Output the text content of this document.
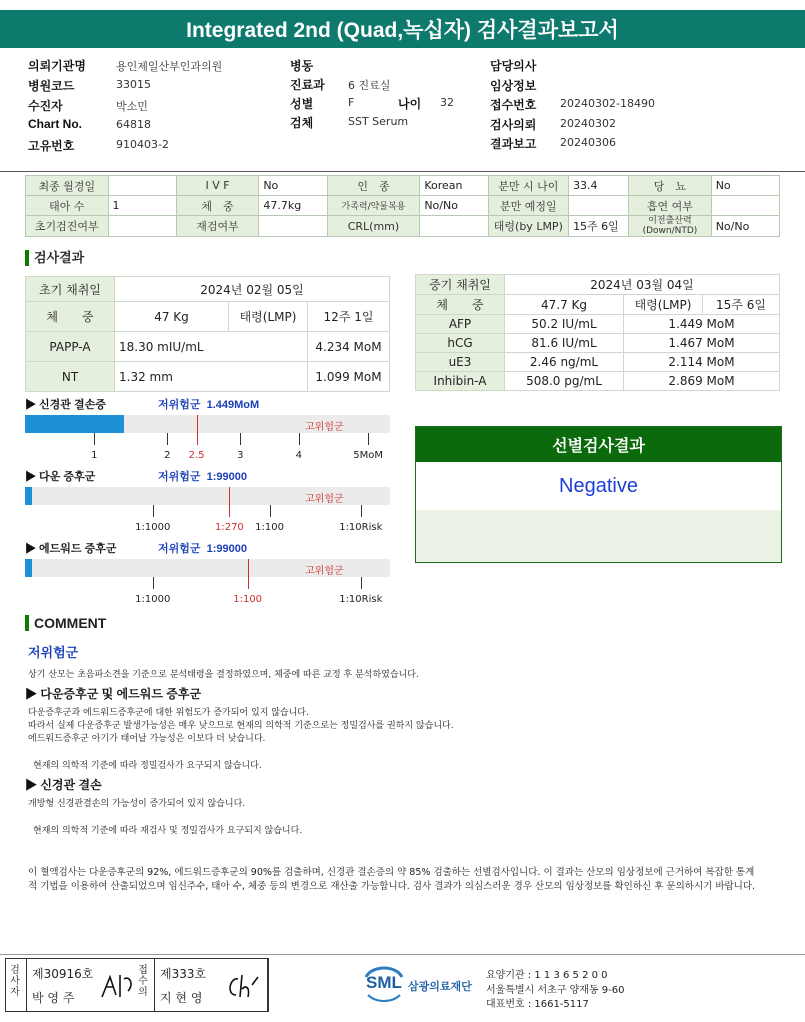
Integrated 2nd (Quad,녹십자) 검사결과보고서
의뢰기관명	용인제일산부인과의원
병원코드	33015
수진자	박소민
Chart No.	64818
고유번호	910403-2
병동
진료과 6 진료실
성별	F
검체	SST Serum
나이 32
담당의사
임상정보
접수번호 20240302-18490
검사의뢰 20240302
결과보고 20240306
최종 월경일		I V F	No	인　종	Korean	분만 시 나이	33.4	당　뇨	No
태아 수	1	체　중	47.7kg	가족력/약물복용	No/No	분만 예정일		흡연 여부	
초기검진여부		재검여부		CRL(mm)		태령(by LMP)	15주 6일	이전출산력 (Down/NTD)	No/No
검사결과
초기 채취일	2024년 02월 05일		
체　　중	47 Kg	태령(LMP)	12주 1일
PAPP-A	18.30 mIU/mL		4.234 MoM
NT	1.32 mm		1.099 MoM
중기 채취일	2024년 03월 04일		
체　　중	47.7 Kg	태령(LMP)	15주 6일
AFP	50.2 IU/mL	1.449 MoM	
hCG	81.6 IU/mL	1.467 MoM	
uE3	2.46 ng/mL	2.114 MoM	
Inhibin-A	508.0 pg/mL	2.869 MoM	
▶ 신경관 결손증	저위험군  1.449MoM
고위험군
1	2 2.5	3	4	5MoM
▶ 다운 증후군	저위험군  1:99000
고위험군
1:1000	1:270 1:100	1:10Risk
▶ 에드워드 증후군	저위험군  1:99000
고위험군
1:1000	1:100	1:10Risk
선별검사결과
Negative
COMMENT
저위험군
상기 산모는 초음파소견을 기준으로 분석태령을 결정하였으며, 체중에 따른 교정 후 분석하였습니다.
▶ 다운증후군 및 에드워드 증후군
다운증후군과 에드워드증후군에 대한 위험도가 증가되어 있지 않습니다.
따라서 실제 다운증후군 발생가능성은 매우 낮으므로 현재의 의학적 기준으로는 정밀검사를 권하지 않습니다.
에드워드증후군 아기가 태어날 가능성은 이보다 더 낮습니다.
현재의 의학적 기준에 따라 정밀검사가 요구되지 않습니다.
▶ 신경관 결손
개방형 신경관결손의 가능성이 증가되어 있지 않습니다.
현재의 의학적 기준에 따라 재검사 및 정밀검사가 요구되지 않습니다.
이 혈액검사는 다운증후군의 92%, 에드워드증후군의 90%를 검출하며, 신경관 결손증의 약 85% 검출하는 선별검사입니다. 이 결과는 산모의 임상정보에 근거하여 복잡한 통계
적 기법을 이용하여 산출되었으며 임신주수, 태아 수, 체중 등의 변경으로 재산출 가능합니다. 검사 결과가 의심스러운 경우 산모의 임상정보를 확인하신 후 문의하시기 바랍니다.
검사자
제30916호
박 영 주
접수의
제333호
지 현 영
SML 삼광의료재단
요양기관 : 1 1 3 6 5 2 0 0
서울특별시 서초구 양재동 9-60
대표번호 : 1661-5117
